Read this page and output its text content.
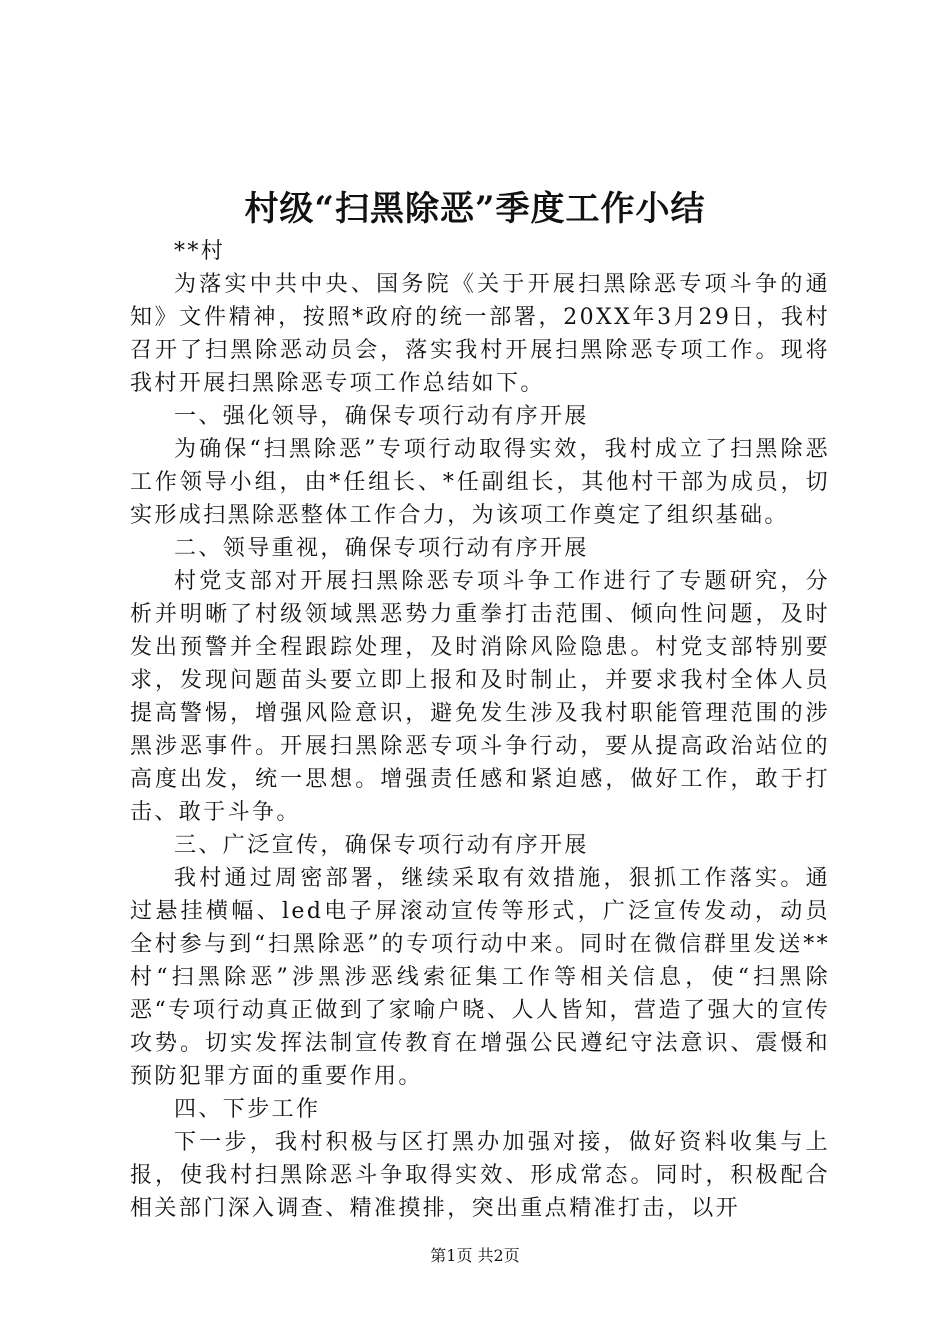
村级“扫黑除恶”季度工作小结

**村

为落实中共中央、国务院《关于开展扫黑除恶专项斗争的通知》文件精神，按照*政府的统一部署，20XX年3月29日，我村召开了扫黑除恶动员会，落实我村开展扫黑除恶专项工作。现将我村开展扫黑除恶专项工作总结如下。

一、强化领导，确保专项行动有序开展

为确保“扫黑除恶”专项行动取得实效，我村成立了扫黑除恶工作领导小组，由*任组长、*任副组长，其他村干部为成员，切实形成扫黑除恶整体工作合力，为该项工作奠定了组织基础。

二、领导重视，确保专项行动有序开展

村党支部对开展扫黑除恶专项斗争工作进行了专题研究，分析并明晰了村级领域黑恶势力重拳打击范围、倾向性问题，及时发出预警并全程跟踪处理，及时消除风险隐患。村党支部特别要求，发现问题苗头要立即上报和及时制止，并要求我村全体人员提高警惕，增强风险意识，避免发生涉及我村职能管理范围的涉黑涉恶事件。开展扫黑除恶专项斗争行动，要从提高政治站位的高度出发，统一思想。增强责任感和紧迫感，做好工作，敢于打击、敢于斗争。

三、广泛宣传，确保专项行动有序开展

我村通过周密部署，继续采取有效措施，狠抓工作落实。通过悬挂横幅、led电子屏滚动宣传等形式，广泛宣传发动，动员全村参与到“扫黑除恶”的专项行动中来。同时在微信群里发送**村“扫黑除恶”涉黑涉恶线索征集工作等相关信息，使“扫黑除恶“专项行动真正做到了家喻户晓、人人皆知，营造了强大的宣传攻势。切实发挥法制宣传教育在增强公民遵纪守法意识、震慑和预防犯罪方面的重要作用。

四、下步工作

下一步，我村积极与区打黑办加强对接，做好资料收集与上报，使我村扫黑除恶斗争取得实效、形成常态。同时，积极配合相关部门深入调查、精准摸排，突出重点精准打击，以开

第1页 共2页
